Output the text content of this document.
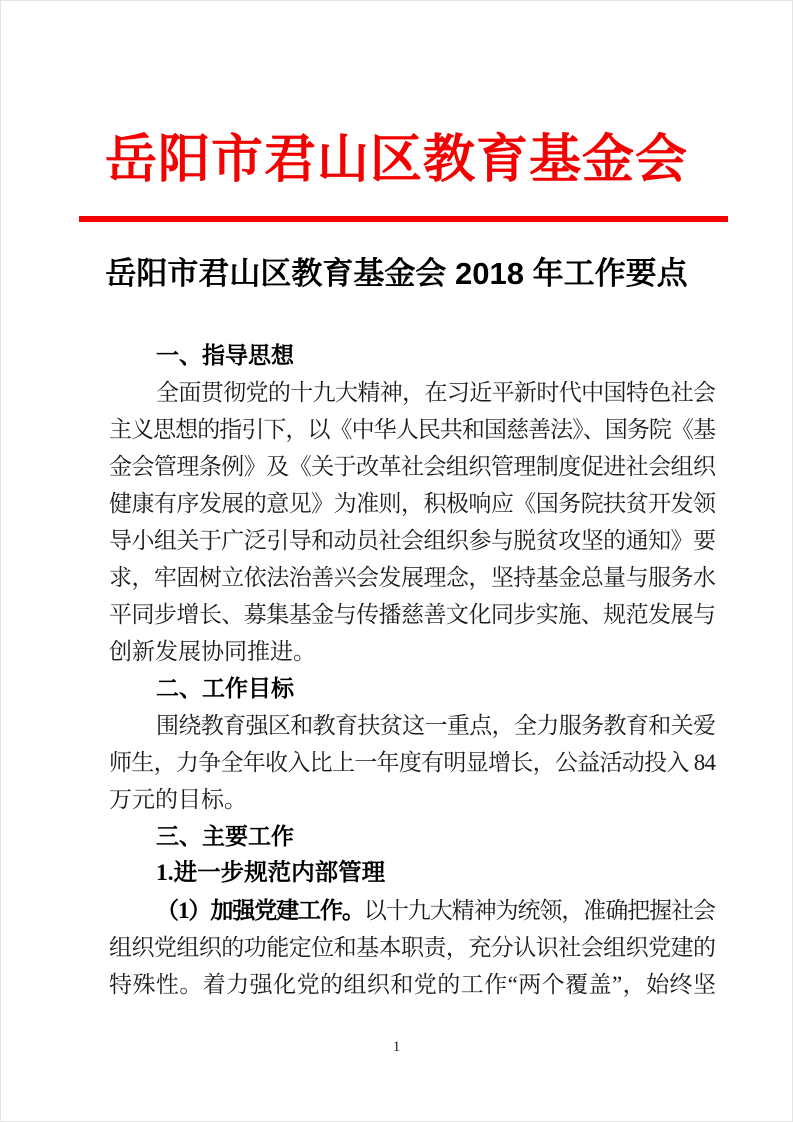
岳阳市君山区教育基金会
岳阳市君山区教育基金会 2018 年工作要点
一、指导思想
全面贯彻党的十九大精神，在习近平新时代中国特色社会
主义思想的指引下，以《中华人民共和国慈善法》、国务院《基
金会管理条例》及《关于改革社会组织管理制度促进社会组织
健康有序发展的意见》为准则，积极响应《国务院扶贫开发领
导小组关于广泛引导和动员社会组织参与脱贫攻坚的通知》要
求，牢固树立依法治善兴会发展理念，坚持基金总量与服务水
平同步增长、募集基金与传播慈善文化同步实施、规范发展与
创新发展协同推进。
二、工作目标
围绕教育强区和教育扶贫这一重点，全力服务教育和关爱
师生，力争全年收入比上一年度有明显增长，公益活动投入 84
万元的目标。
三、主要工作
1.进一步规范内部管理
（1）加强党建工作。以十九大精神为统领，准确把握社会
组织党组织的功能定位和基本职责，充分认识社会组织党建的
特殊性。着力强化党的组织和党的工作“两个覆盖”，始终坚
1
